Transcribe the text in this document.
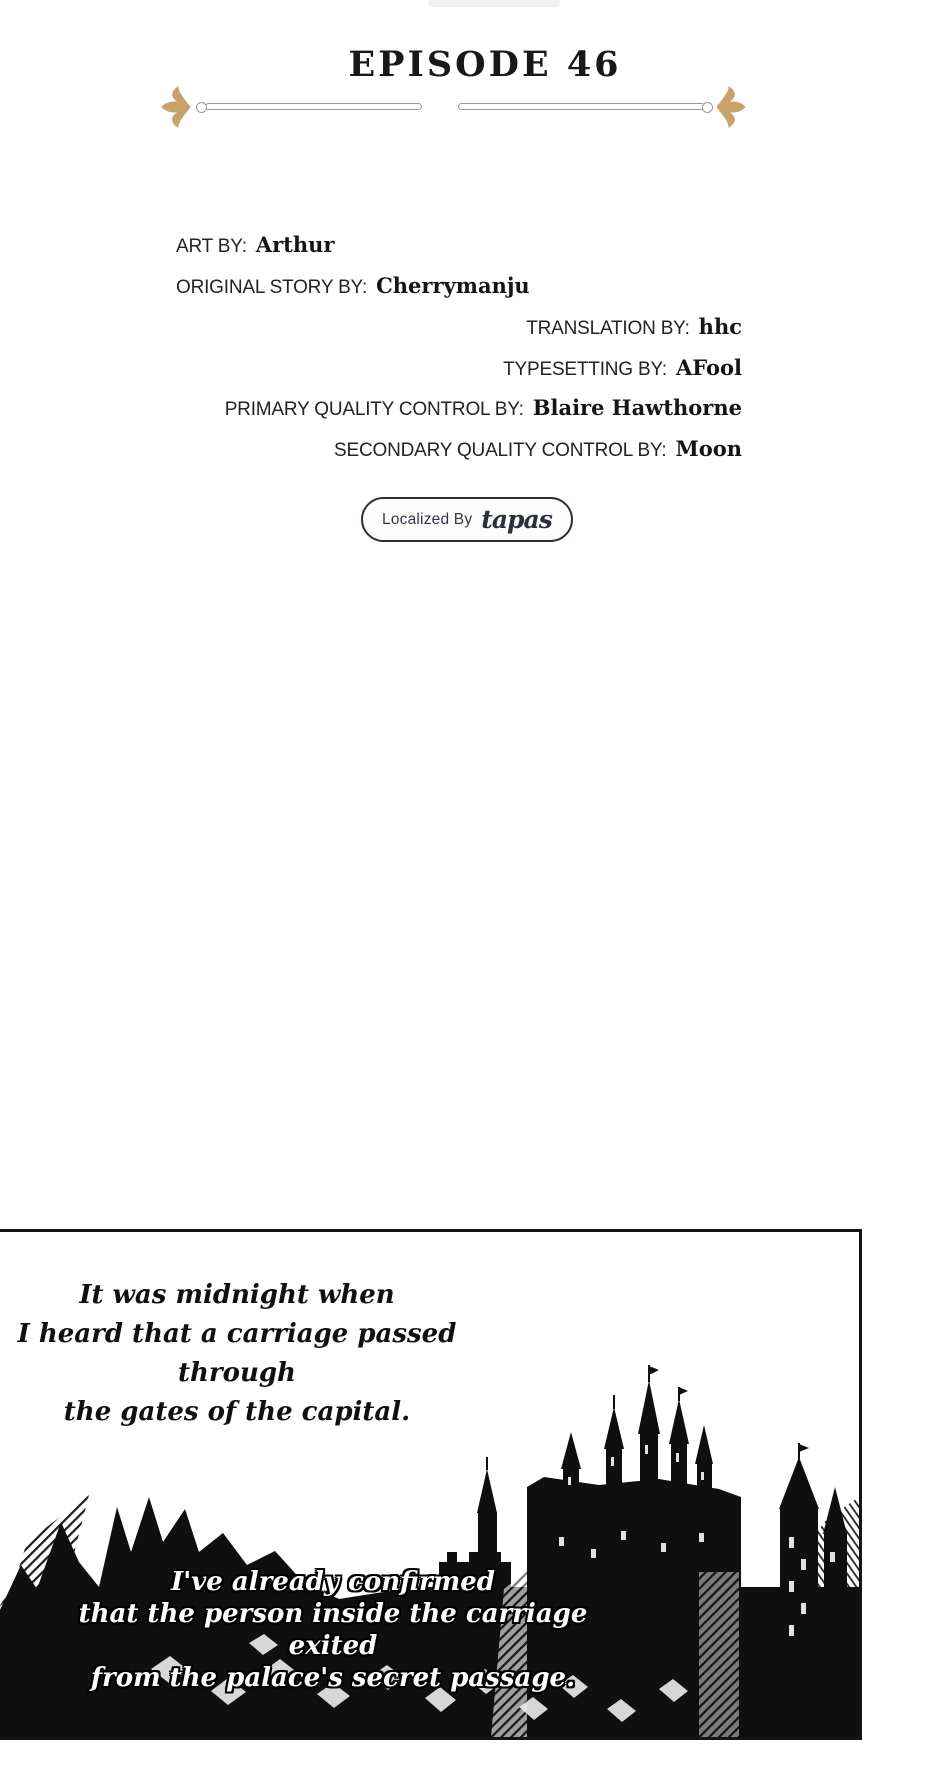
EPISODE 46
ART BY: Arthur
ORIGINAL STORY BY: Cherrymanju
TRANSLATION BY: hhc
TYPESETTING BY: AFool
PRIMARY QUALITY CONTROL BY: Blaire Hawthorne
SECONDARY QUALITY CONTROL BY: Moon
Localized By tapas
It was midnight when
I heard that a carriage passed through
the gates of the capital.
I've already confirmed
that the person inside the carriage exited
from the palace's secret passage.
